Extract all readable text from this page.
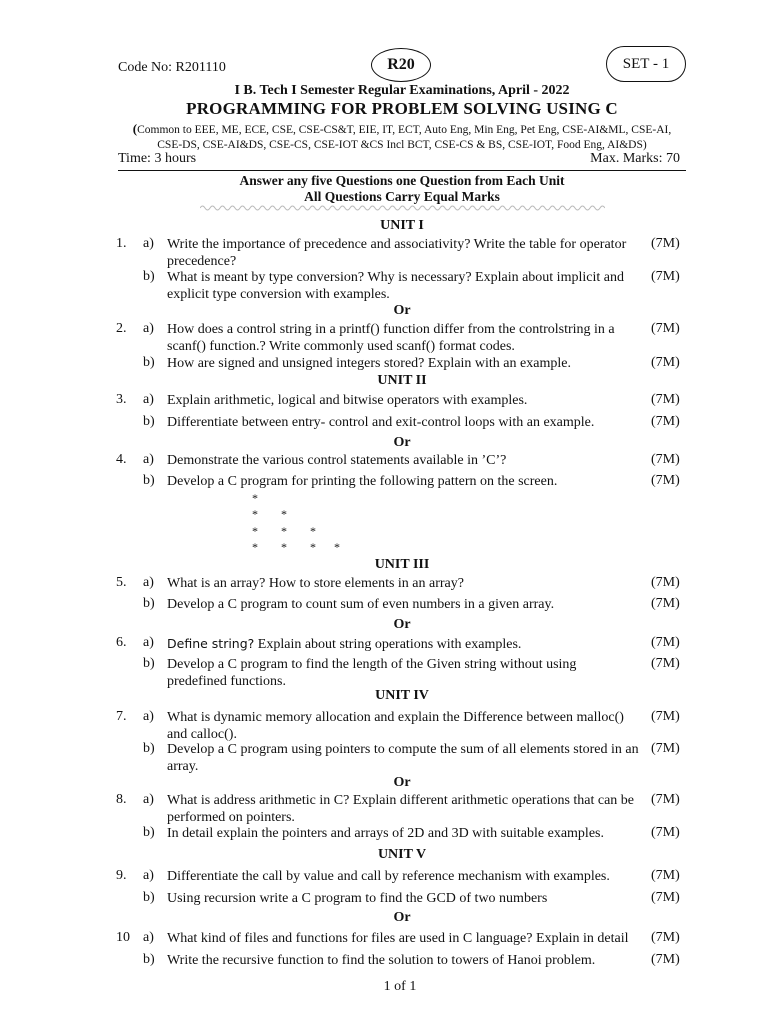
Code No: R201110	R20	SET - 1
I B. Tech I Semester Regular Examinations, April - 2022
PROGRAMMING FOR PROBLEM SOLVING USING C
(Common to EEE, ME, ECE, CSE, CSE-CS&T, EIE, IT, ECT, Auto Eng, Min Eng, Pet Eng, CSE-AI&ML, CSE-AI,
CSE-DS, CSE-AI&DS, CSE-CS, CSE-IOT &CS Incl BCT, CSE-CS & BS, CSE-IOT, Food Eng, AI&DS)
Time: 3 hours	Max. Marks: 70
Answer any five Questions one Question from Each Unit
All Questions Carry Equal Marks
UNIT I
1.	a) Write the importance of precedence and associativity? Write the table for operator precedence?
(7M)
b) What is meant by type conversion? Why is necessary? Explain about implicit and explicit type conversion with examples.
(7M)
Or
2.	a) How does a control string in a printf() function differ from the controlstring in a scanf() function.? Write commonly used scanf() format codes.
(7M)
b) How are signed and unsigned integers stored? Explain with an example.	(7M)
UNIT II
3.	a) Explain arithmetic, logical and bitwise operators with examples.	(7M)
b) Differentiate between entry- control and exit-control loops with an example.	(7M)
Or
4.	a) Demonstrate the various control statements available in ’C’?	(7M)
b) Develop a C program for printing the following pattern on the screen.	(7M)
*
* *
* * *
* * * *
UNIT III
5.	a) What is an array? How to store elements in an array?	(7M)
b) Develop a C program to count sum of even numbers in a given array.	(7M)
Or
6.	a)	Define string? Explain about string operations with examples.	(7M)
b) Develop a C program to find the length of the Given string without using predefined functions.
(7M)
UNIT IV
7.	a) What is dynamic memory allocation and explain the Difference between malloc() and calloc().
(7M)
b) Develop a C program using pointers to compute the sum of all elements stored in an array.
(7M)
Or
8.	a) What is address arithmetic in C? Explain different arithmetic operations that can be performed on pointers.
(7M)
b) In detail explain the pointers and arrays of 2D and 3D with suitable examples.	(7M)
UNIT V
9.	a) Differentiate the call by value and call by reference mechanism with examples.	(7M)
b) Using recursion write a C program to find the GCD of two numbers	(7M)
Or
10 a) What kind of files and functions for files are used in C language? Explain in detail	(7M)
b) Write the recursive function to find the solution to towers of Hanoi problem.	(7M)
1 of 1
